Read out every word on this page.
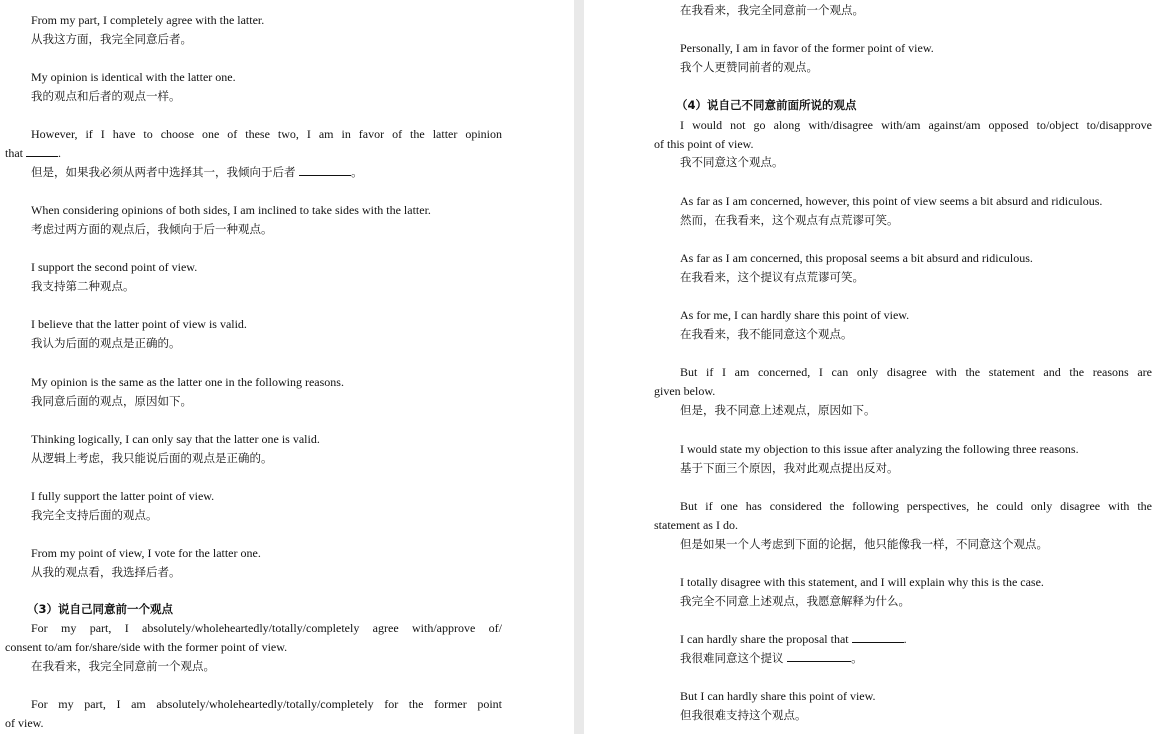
From my part, I completely agree with the latter.
从我这方面，我完全同意后者。
My opinion is identical with the latter one.
我的观点和后者的观点一样。
However, if I have to choose one of these two, I am in favor of the latter opinion
that	.
但是，如果我必须从两者中选择其一，我倾向于后者	。
When considering opinions of both sides, I am inclined to take sides with the latter.
考虑过两方面的观点后，我倾向于后一种观点。
I support the second point of view.
我支持第二种观点。
I believe that the latter point of view is valid.
我认为后面的观点是正确的。
My opinion is the same as the latter one in the following reasons.
我同意后面的观点，原因如下。
Thinking logically, I can only say that the latter one is valid.
从逻辑上考虑，我只能说后面的观点是正确的。
I fully support the latter point of view.
我完全支持后面的观点。
From my point of view, I vote for the latter one.
从我的观点看，我选择后者。
（3）说自己同意前一个观点
For my part, I absolutely/wholeheartedly/totally/completely agree with/approve of/
consent to/am for/share/side with the former point of view.
在我看来，我完全同意前一个观点。
For my part, I am absolutely/wholeheartedly/totally/completely for the former point
of view.
在我看来，我完全同意前一个观点。
Personally, I am in favor of the former point of view.
我个人更赞同前者的观点。
（4）说自己不同意前面所说的观点
I would not go along with/disagree with/am against/am opposed to/object to/disapprove
of this point of view.
我不同意这个观点。
As far as I am concerned, however, this point of view seems a bit absurd and ridiculous.
然而，在我看来，这个观点有点荒谬可笑。
As far as I am concerned, this proposal seems a bit absurd and ridiculous.
在我看来，这个提议有点荒谬可笑。
As for me, I can hardly share this point of view.
在我看来，我不能同意这个观点。
But if I am concerned, I can only disagree with the statement and the reasons are
given below.
但是，我不同意上述观点，原因如下。
I would state my objection to this issue after analyzing the following three reasons.
基于下面三个原因，我对此观点提出反对。
But if one has considered the following perspectives, he could only disagree with the
statement as I do.
但是如果一个人考虑到下面的论据，他只能像我一样，不同意这个观点。
I totally disagree with this statement, and I will explain why this is the case.
我完全不同意上述观点，我愿意解释为什么。
I can hardly share the proposal that	.
我很难同意这个提议	。
But I can hardly share this point of view.
但我很难支持这个观点。
